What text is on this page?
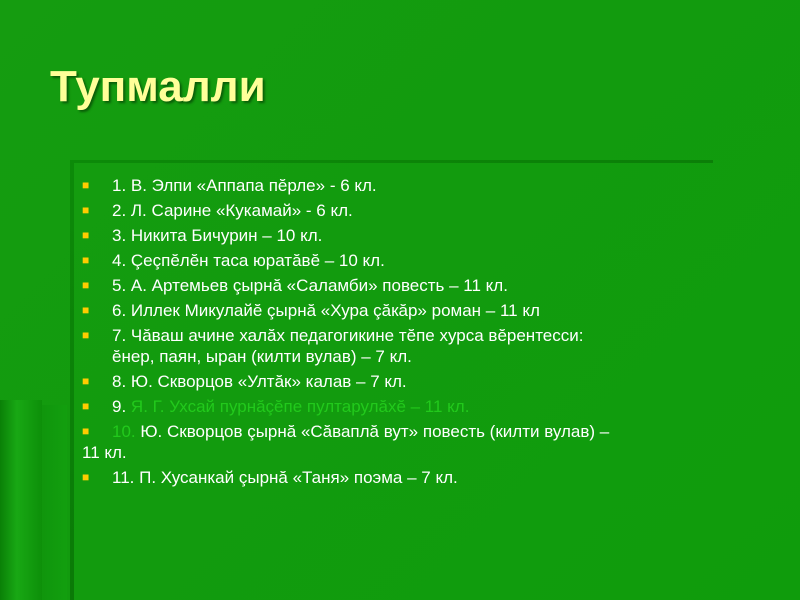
Тупмалли
■	1. В. Элпи «Аппапа пĕрле» - 6 кл.
■	2. Л. Сарине «Кукамай» - 6 кл.
■	3. Никита Бичурин – 10 кл.
■	4. Çеçпĕлĕн таса юратăвĕ – 10 кл.
■	5. А. Артемьев çырнă «Саламби» повесть – 11 кл.
■	6. Иллек Микулайĕ çырнă «Хура çăкăр» роман – 11 кл
■	7. Чăваш ачине халăх педагогикине тĕпе хурса вĕрентесси:
ĕнер, паян, ыран (килти вулав) – 7 кл.
■	8. Ю. Скворцов «Ултăк» калав – 7 кл.
■	9. Я. Г. Ухсай пурнăçĕпе пултарулăхĕ – 11 кл.
■	10. Ю. Скворцов çырнă «Сăваплă вут» повесть (килти вулав) –
11 кл.
■	11. П. Хусанкай çырнă «Таня» поэма – 7 кл.
